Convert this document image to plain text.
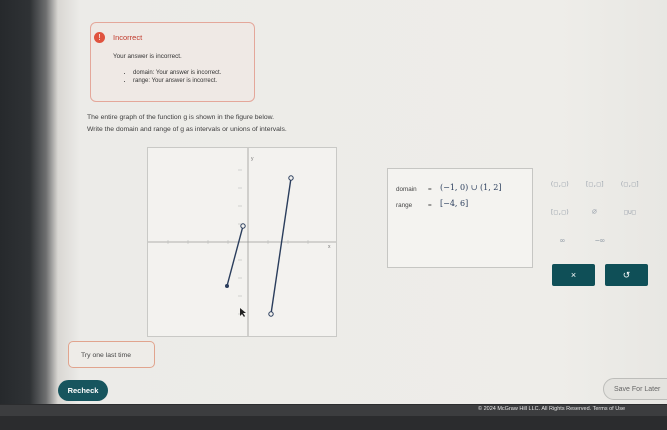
!	Incorrect
Your answer is incorrect.
• domain: Your answer is incorrect.
• range: Your answer is incorrect.
The entire graph of the function g is shown in the figure below.
Write the domain and range of g as intervals or unions of intervals.
y
x
domain = (−1, 0) ∪ (1, 2]
range	= [−4, 6]
(□,□) [□,□] (□,□]
[□,□)	∅	□∪□
∞	−∞
×	↺
Try one last time
Recheck	Save For Later
© 2024 McGraw Hill LLC. All Rights Reserved. Terms of Use
